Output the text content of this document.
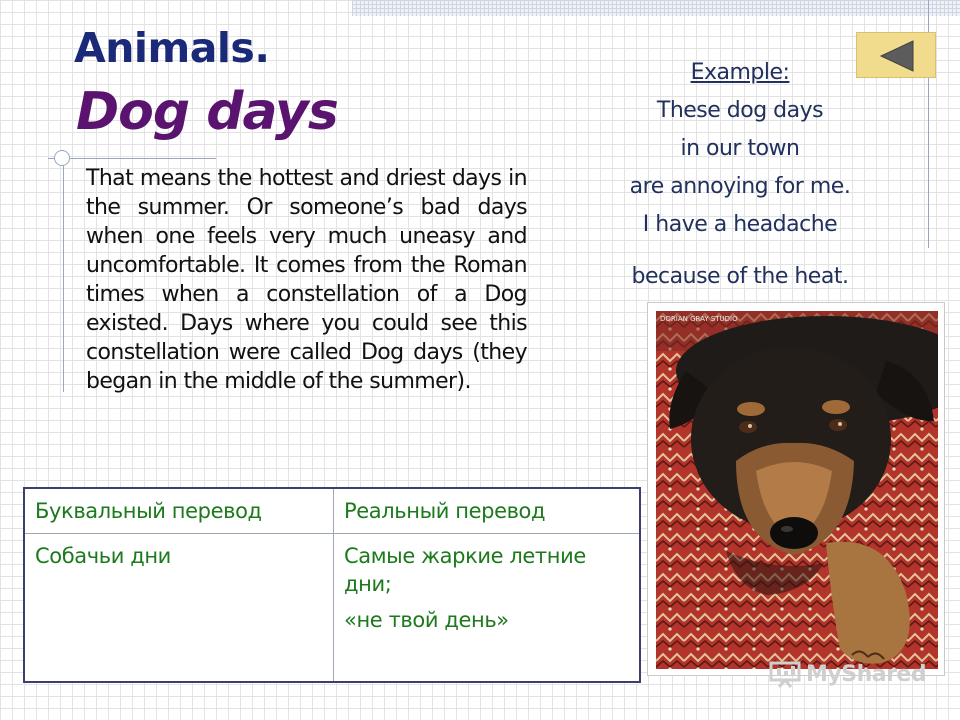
Animals.
Dog days

That means the hottest and driest days in the summer. Or someone’s bad days when one feels very much uneasy and uncomfortable. It comes from the Roman times when a constellation of a Dog existed. Days where you could see this constellation were called Dog days (they began in the middle of the summer).

Example:
These dog days
in our town
are annoying for me.
I have a headache
because of the heat.
DORIAN GRAY STUDIO
MyShared
Буквальный перевод	Реальный перевод
Собачьи дни	Самые жаркие летние дни;
«не твой день»
